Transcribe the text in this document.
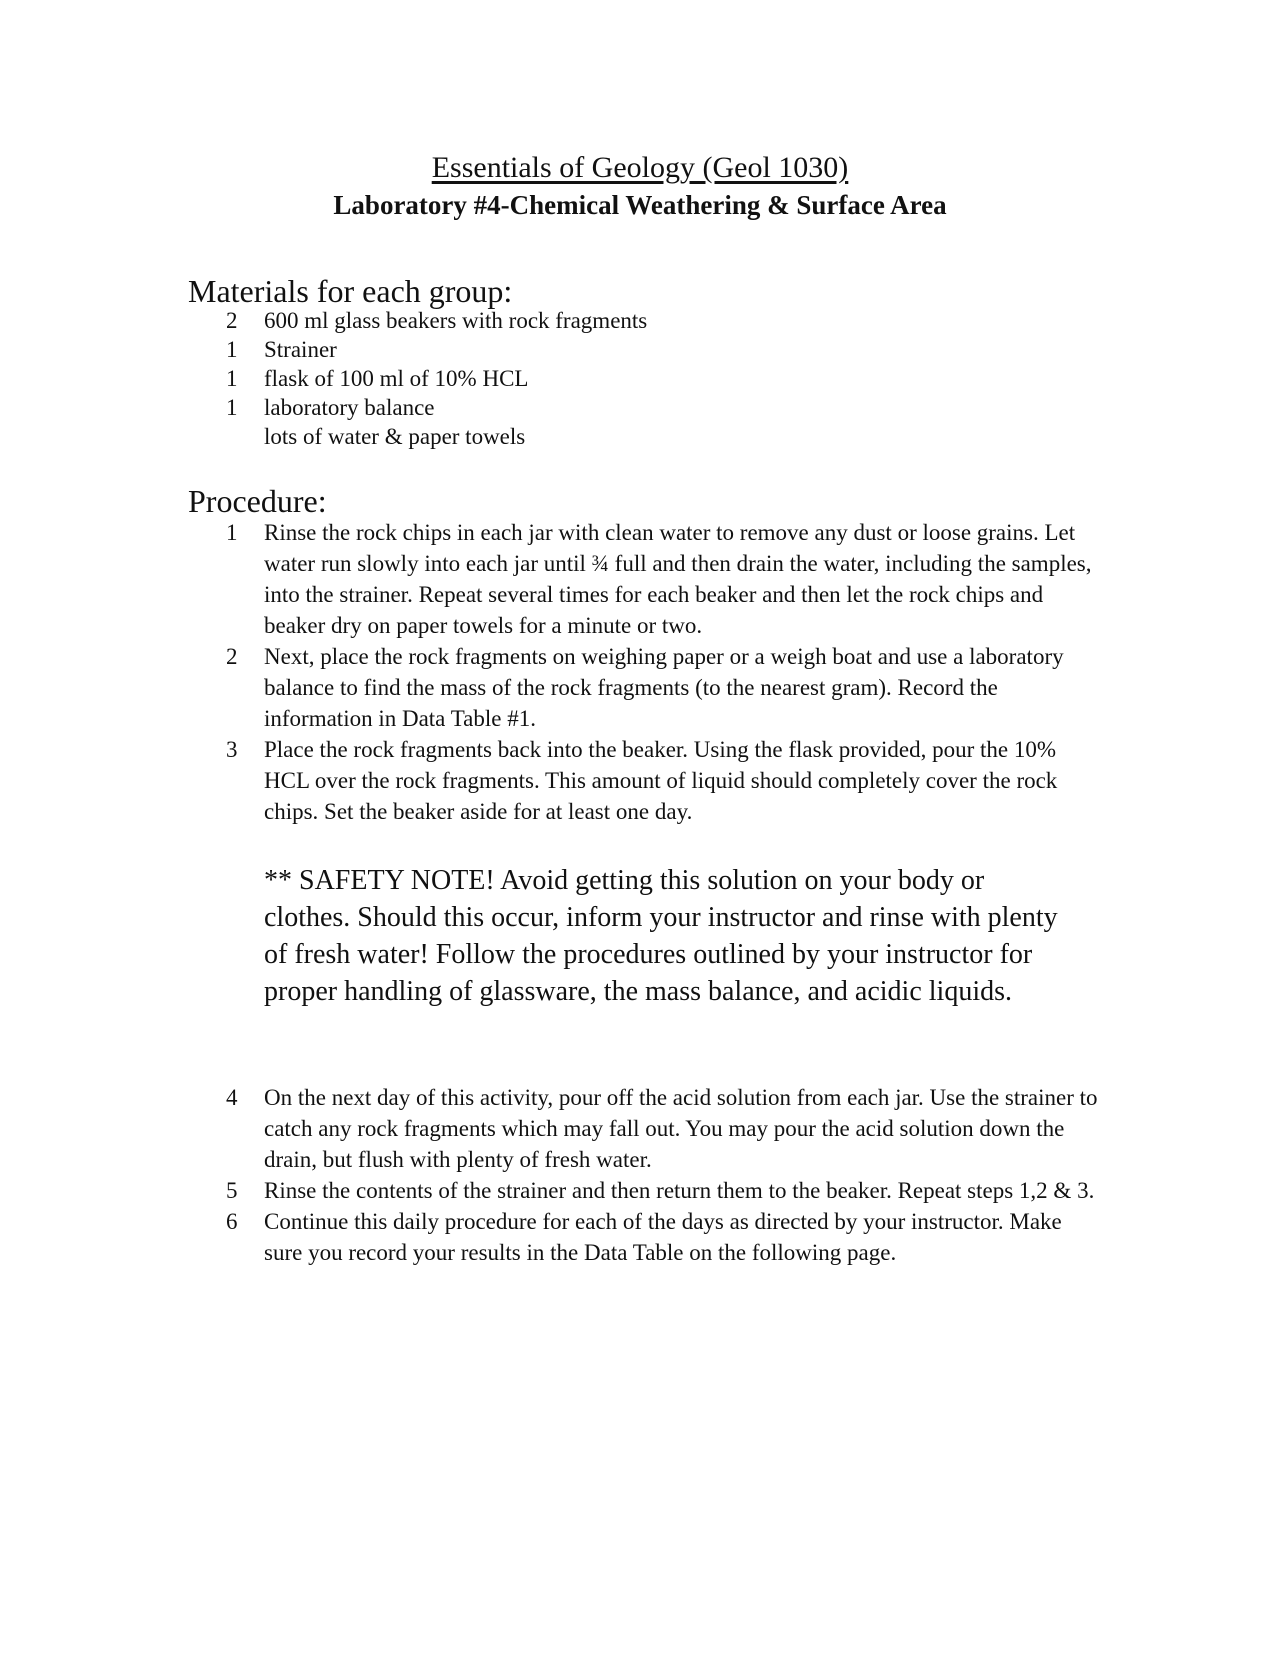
Essentials of Geology (Geol 1030)
Laboratory #4-Chemical Weathering & Surface Area
Materials for each group:
2	600 ml glass beakers with rock fragments
1	Strainer
1	flask of 100 ml of 10% HCL
1	laboratory balance
lots of water & paper towels
Procedure:
1	Rinse the rock chips in each jar with clean water to remove any dust or loose grains. Let water run slowly into each jar until ¾ full and then drain the water, including the samples, into the strainer. Repeat several times for each beaker and then let the rock chips and beaker dry on paper towels for a minute or two.
2	Next, place the rock fragments on weighing paper or a weigh boat and use a laboratory balance to find the mass of the rock fragments (to the nearest gram). Record the information in Data Table #1.
3	Place the rock fragments back into the beaker. Using the flask provided, pour the 10% HCL over the rock fragments. This amount of liquid should completely cover the rock chips. Set the beaker aside for at least one day.
** SAFETY NOTE! Avoid getting this solution on your body or clothes. Should this occur, inform your instructor and rinse with plenty of fresh water! Follow the procedures outlined by your instructor for proper handling of glassware, the mass balance, and acidic liquids.
4	On the next day of this activity, pour off the acid solution from each jar. Use the strainer to catch any rock fragments which may fall out. You may pour the acid solution down the drain, but flush with plenty of fresh water.
5	Rinse the contents of the strainer and then return them to the beaker. Repeat steps 1,2 & 3.
6	Continue this daily procedure for each of the days as directed by your instructor. Make sure you record your results in the Data Table on the following page.
